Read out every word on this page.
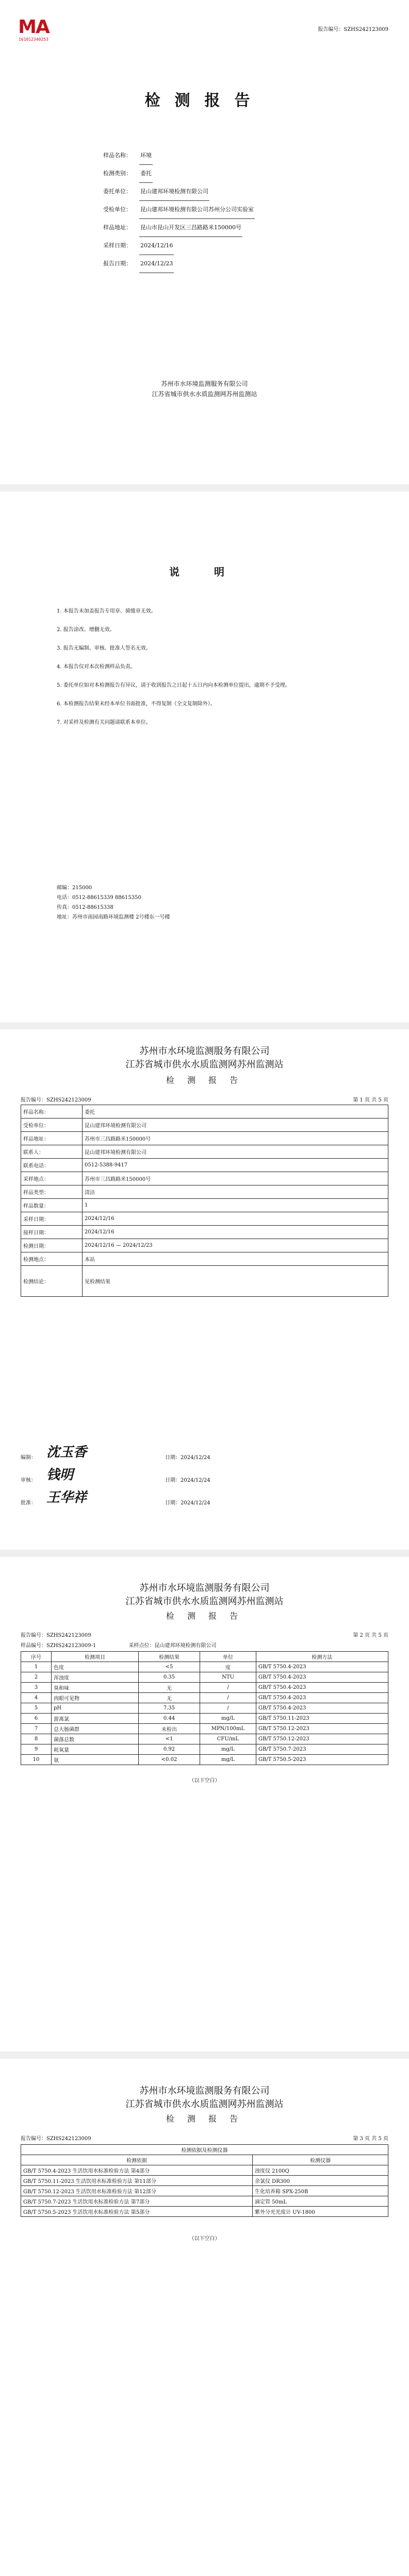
MA
161012340253
报告编号：SZHS242123009
检测报告
样品名称： 环境
检测类别： 委托
委托单位： 昆山建邦环境检测有限公司
受检单位： 昆山建邦环境检测有限公司苏州分公司实验室
样品地址： 昆山市昆山开发区三昌路路米150000号
采样日期： 2024/12/16
报告日期： 2024/12/23
苏州市水环境监测服务有限公司
江苏省城市供水水质监测网苏州监测站
说 明
1. 本报告未加盖报告专用章、骑缝章无效。
2. 报告涂改、增删无效。
3. 报告无编制、审核、批准人签名无效。
4. 本报告仅对本次检测样品负责。
5. 委托单位如对本检测报告有异议，请于收到报告之日起十五日内向本检测单位提出，逾期不予受理。
6. 本检测报告结果未经本单位书面批准，不得复制（全文复制除外）。
7. 对采样及检测有关问题请联系本单位。
邮编：215000
电话：0512-88615339 88615350
传真：0512-88615338
地址：苏州市南园南路环境监测楼 2号楼东一号楼
苏州市水环境监测服务有限公司
江苏省城市供水水质监测网苏州监测站
检 测 报 告
报告编号：SZHS242123009	第 1 页 共 5 页
样品名称：	委托
受检单位：	昆山建邦环境检测有限公司
样品地址：	苏州市三昌路路米150000号
联系人：	昆山建邦环境检测有限公司
联系电话：	0512-5388-9417
采样地点：	苏州市三昌路路米150000号
样品类型：	清洁
样品数量：	1
采样日期：	2024/12/16
接样日期：	2024/12/16
检测日期：	2024/12/16 — 2024/12/23
检测地点：	本站
检测结论：	见检测结果
编制： 沈玉香	日期：2024/12/24
审核： 钱明	日期：2024/12/24
批准： 王华祥	日期：2024/12/24
苏州市水环境监测服务有限公司
江苏省城市供水水质监测网苏州监测站
检 测 报 告
报告编号：SZHS242123009	第 2 页 共 5 页
样品编号：SZHS242123009-1	采样点位：昆山建邦环境检测有限公司
序号	检测项目	检测结果	单位	检测方法
1	色度	<5	度	GB/T 5750.4-2023
2	浑浊度	0.35	NTU	GB/T 5750.4-2023
3	臭和味	无	/	GB/T 5750.4-2023
4	肉眼可见物	无	/	GB/T 5750.4-2023
5	pH	7.35	/	GB/T 5750.4-2023
6	游离氯	0.44	mg/L	GB/T 5750.11-2023
7	总大肠菌群	未检出	MPN/100mL	GB/T 5750.12-2023
8	菌落总数	<1	CFU/mL	GB/T 5750.12-2023
9	耗氧量	0.92	mg/L	GB/T 5750.7-2023
10	氨	<0.02	mg/L	GB/T 5750.5-2023
（以下空白）
苏州市水环境监测服务有限公司
江苏省城市供水水质监测网苏州监测站
检 测 报 告
报告编号：SZHS242123009	第 3 页 共 5 页
检测依据及检测仪器	
检测依据	检测仪器
GB/T 5750.4-2023 生活饮用水标准检验方法 第4部分	浊度仪 2100Q
GB/T 5750.11-2023 生活饮用水标准检验方法 第11部分	余氯仪 DR300
GB/T 5750.12-2023 生活饮用水标准检验方法 第12部分	生化培养箱 SPX-250B
GB/T 5750.7-2023 生活饮用水标准检验方法 第7部分	滴定管 50mL
GB/T 5750.5-2023 生活饮用水标准检验方法 第5部分	紫外分光光度计 UV-1800
（以下空白）
